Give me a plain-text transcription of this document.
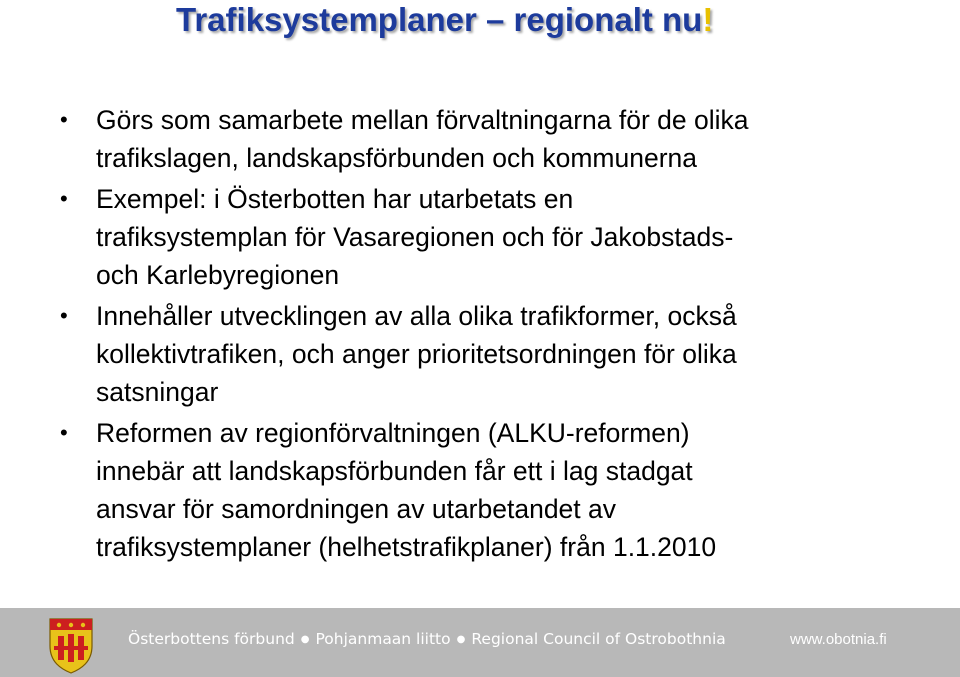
Trafiksystemplaner – regionalt nu!
•	Görs som samarbete mellan förvaltningarna för de olika
trafikslagen, landskapsförbunden och kommunerna
•	Exempel: i Österbotten har utarbetats en
trafiksystemplan för Vasaregionen och för Jakobstads-
och Karlebyregionen
•	Innehåller utvecklingen av alla olika trafikformer, också
kollektivtrafiken, och anger prioritetsordningen för olika
satsningar
•	Reformen av regionförvaltningen (ALKU-reformen)
innebär att landskapsförbunden får ett i lag stadgat
ansvar för samordningen av utarbetandet av
trafiksystemplaner (helhetstrafikplaner) från 1.1.2010
Österbottens förbund ● Pohjanmaan liitto ● Regional Council of Ostrobothnia	www.obotnia.fi
